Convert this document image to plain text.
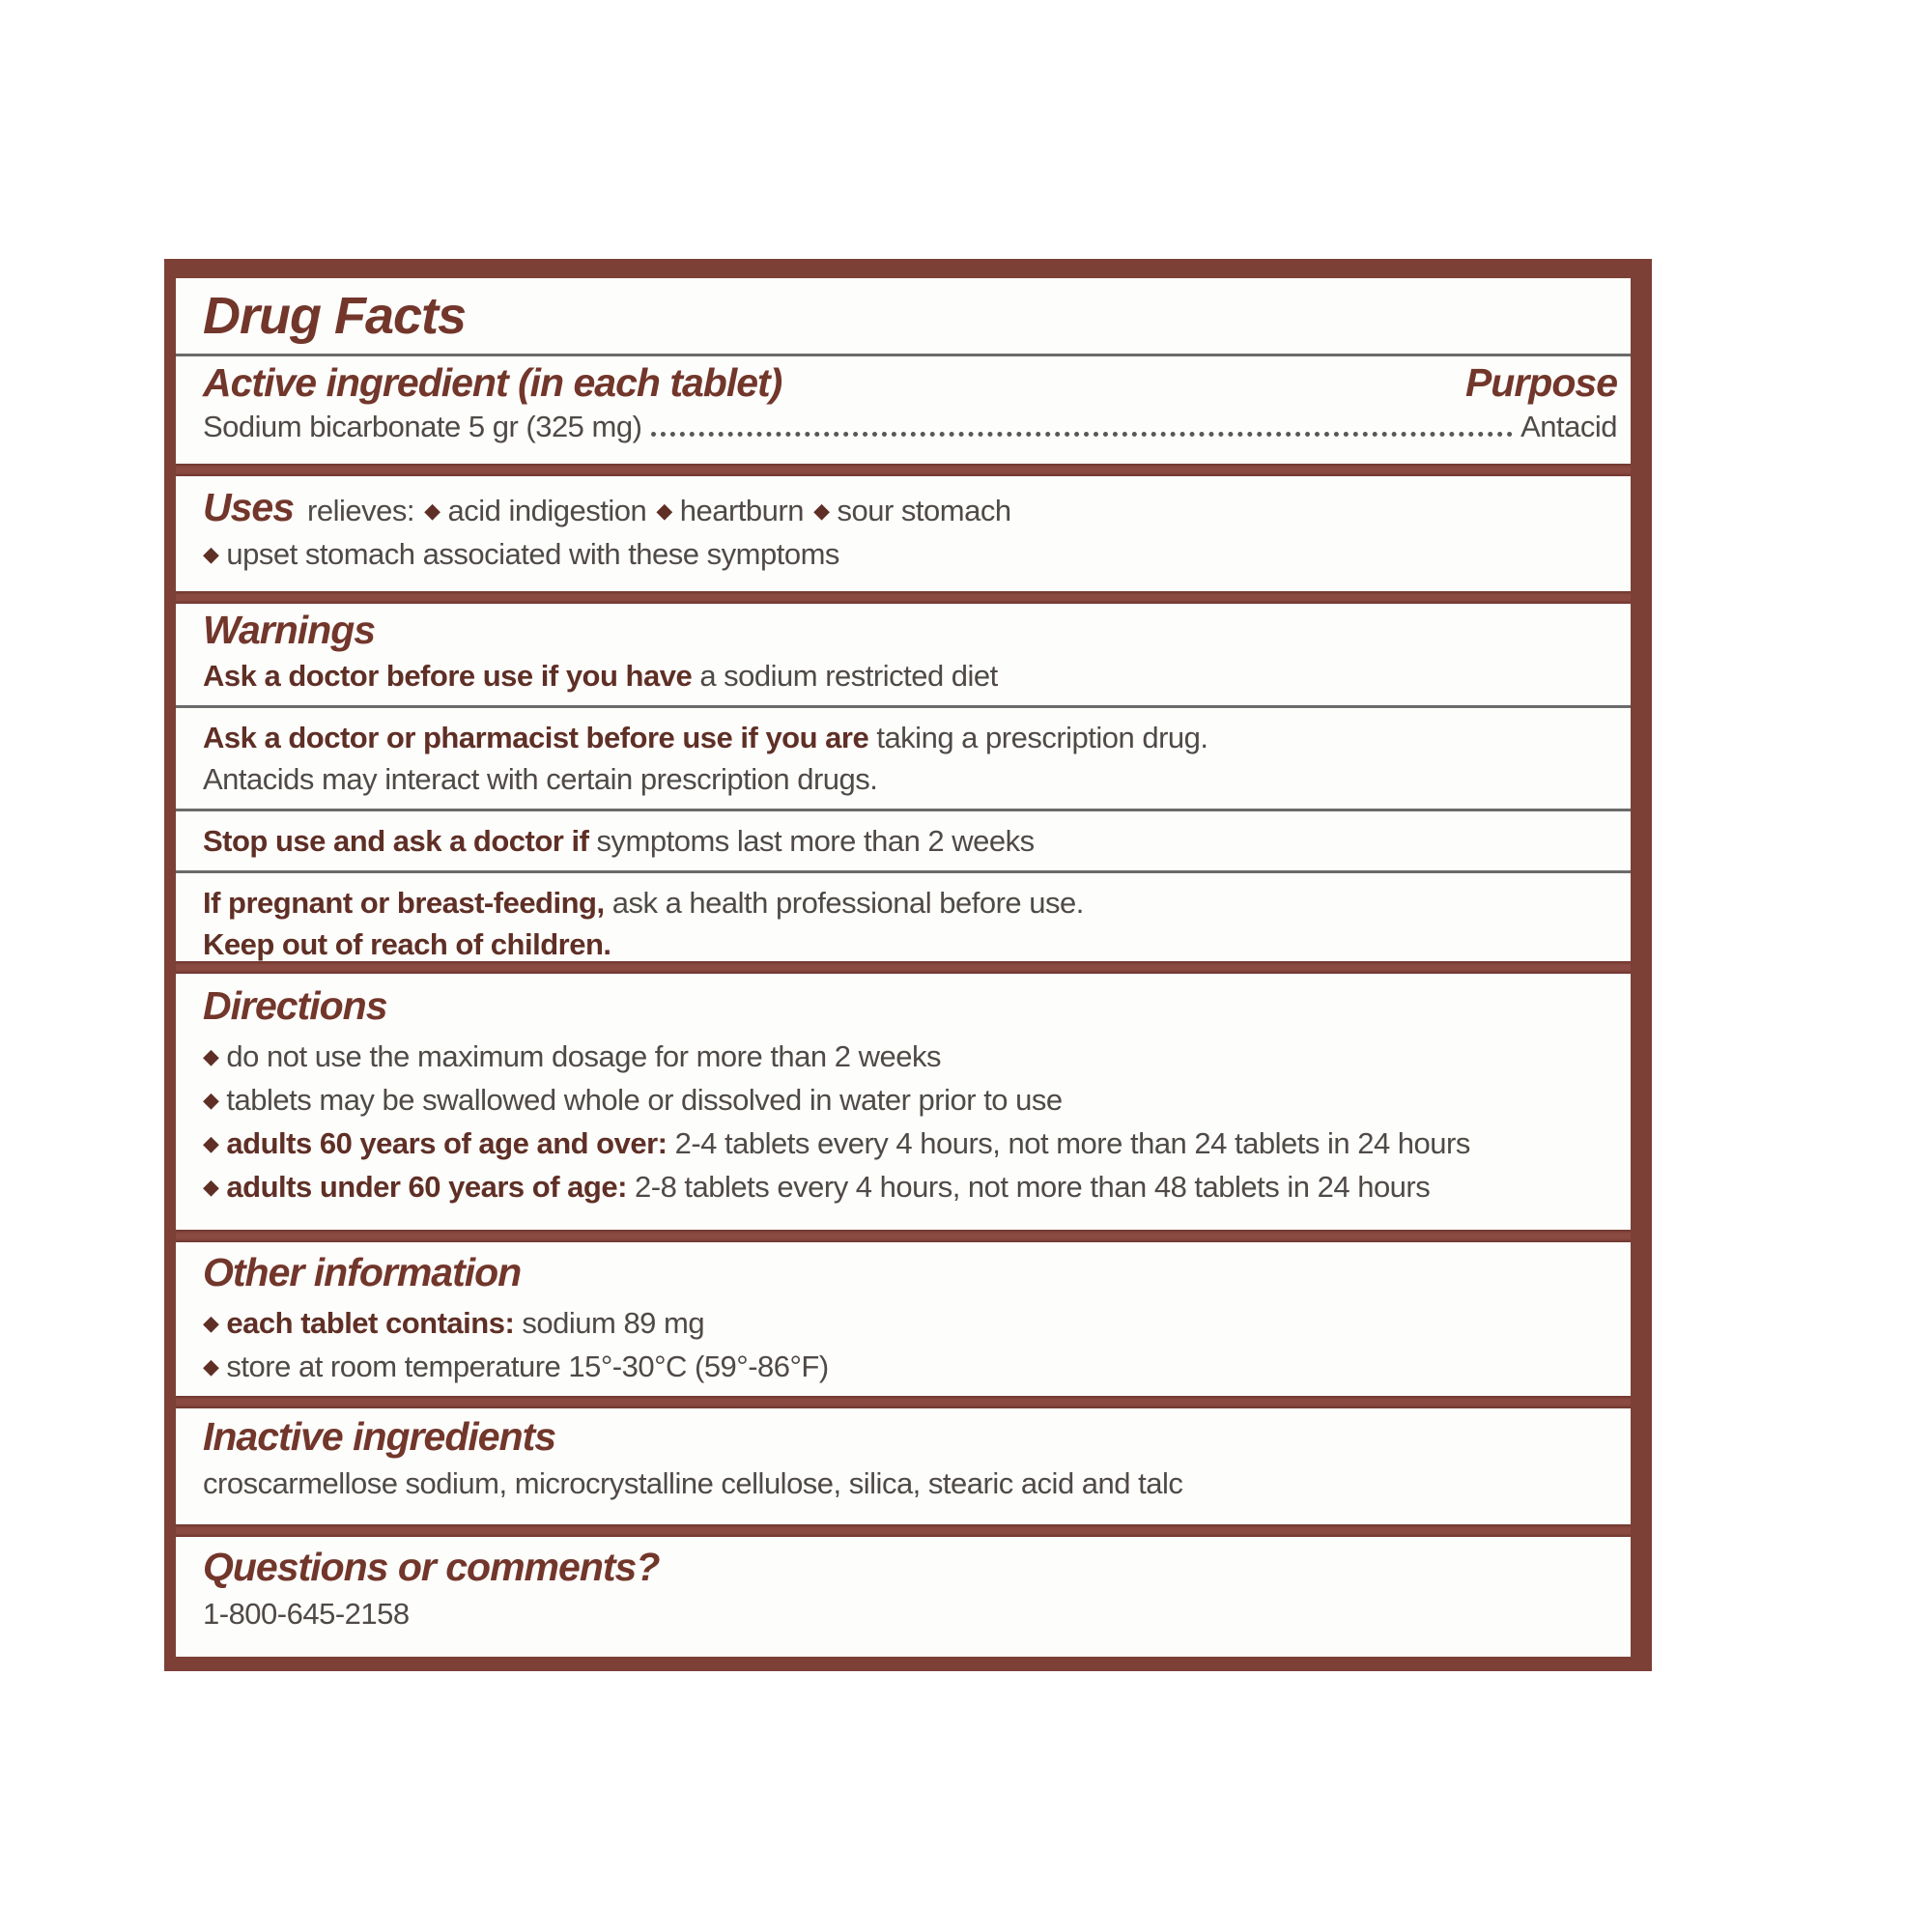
Drug Facts
Active ingredient (in each tablet)	Purpose
Sodium bicarbonate 5 gr (325 mg)	Antacid
Uses relieves: ◆ acid indigestion ◆ heartburn ◆ sour stomach
◆ upset stomach associated with these symptoms
Warnings
Ask a doctor before use if you have a sodium restricted diet
Ask a doctor or pharmacist before use if you are taking a prescription drug.
Antacids may interact with certain prescription drugs.
Stop use and ask a doctor if symptoms last more than 2 weeks
If pregnant or breast-feeding, ask a health professional before use.
Keep out of reach of children.
Directions
◆ do not use the maximum dosage for more than 2 weeks
◆ tablets may be swallowed whole or dissolved in water prior to use
◆ adults 60 years of age and over: 2-4 tablets every 4 hours, not more than 24 tablets in 24 hours
◆ adults under 60 years of age: 2-8 tablets every 4 hours, not more than 48 tablets in 24 hours
Other information
◆ each tablet contains: sodium 89 mg
◆ store at room temperature 15°-30°C (59°-86°F)
Inactive ingredients
croscarmellose sodium, microcrystalline cellulose, silica, stearic acid and talc
Questions or comments?
1-800-645-2158
